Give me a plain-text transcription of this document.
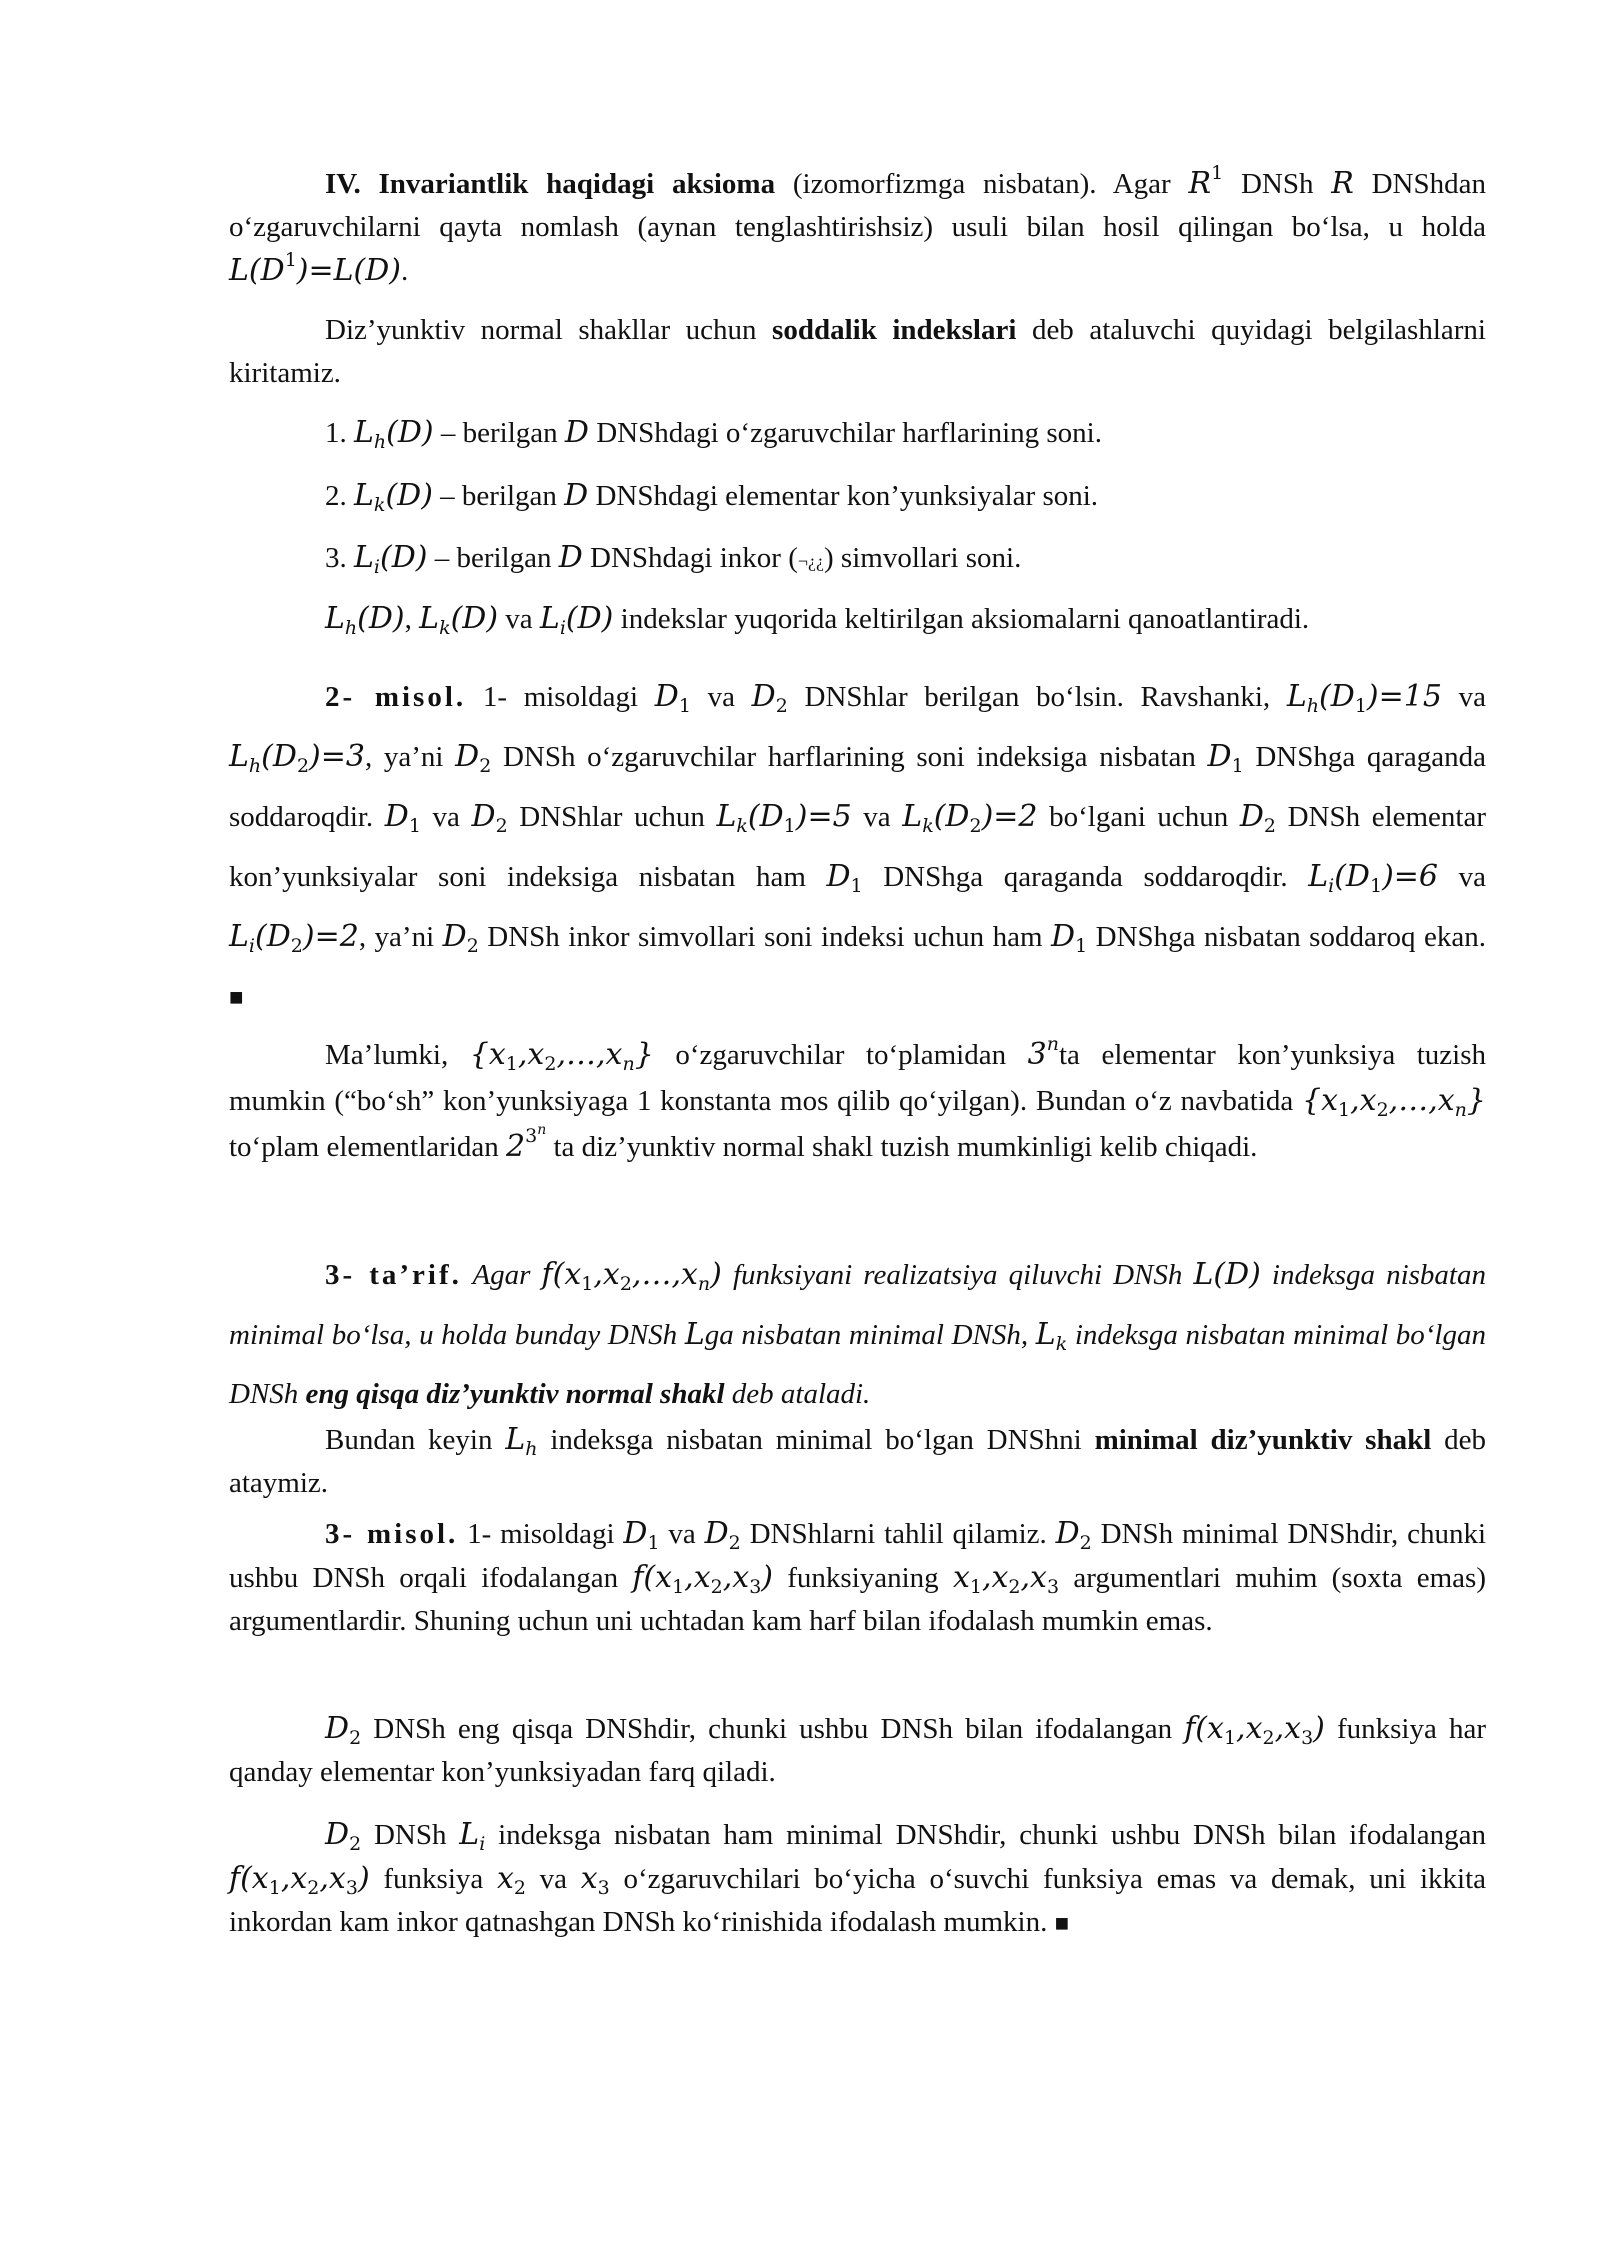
IV. Invariantlik haqidagi aksioma (izomorfizmga nisbatan). Agar $R^1$ DNSh R DNShdan o‘zgaruvchilarni qayta nomlash (aynan tenglashtirishsiz) usuli bilan hosil qilingan bo‘lsa, u holda $L(D^1)=L(D)$.
Diz’yunktiv normal shakllar uchun soddalik indekslari deb ataluvchi quyidagi belgilashlarni kiritamiz.
1. $L_h(D)$ – berilgan D DNShdagi o‘zgaruvchilar harflarining soni.
2. $L_k(D)$ – berilgan D DNShdagi elementar kon’yunksiyalar soni.
3. $L_i(D)$ – berilgan D DNShdagi inkor (¬¿¿) simvollari soni.
$L_h(D)$, $L_k(D)$ va $L_i(D)$ indekslar yuqorida keltirilgan aksiomalarni qanoatlantiradi.
2- misol. 1- misoldagi $D_1$ va $D_2$ DNShlar berilgan bo‘lsin. Ravshanki, $L_h(D_1)=15$ va $L_h(D_2)=3$, ya’ni $D_2$ DNSh o‘zgaruvchilar harflarining soni indeksiga nisbatan $D_1$ DNShga qaraganda soddaroqdir. $D_1$ va $D_2$ DNShlar uchun $L_k(D_1)=5$ va $L_k(D_2)=2$ bo‘lgani uchun $D_2$ DNSh elementar kon’yunksiyalar soni indeksiga nisbatan ham $D_1$ DNShga qaraganda soddaroqdir. $L_i(D_1)=6$ va $L_i(D_2)=2$, ya’ni $D_2$ DNSh inkor simvollari soni indeksi uchun ham $D_1$ DNShga nisbatan soddaroq ekan. ■
Ma’lumki, $\{x_1,x_2,\dots,x_n\}$ o‘zgaruvchilar to‘plamidan 3$^n$ta elementar kon’yunksiya tuzish mumkin (“bo‘sh” kon’yunksiyaga 1 konstanta mos qilib qo‘yilgan). Bundan o‘z navbatida $\{x_1,x_2,\dots,x_n\}$ to‘plam elementlaridan $2^{3^n}$ ta diz’yunktiv normal shakl tuzish mumkinligi kelib chiqadi.
3- ta’rif. Agar $f(x_1,x_2,\dots,x_n)$ funksiyani realizatsiya qiluvchi DNSh L(D) indeksga nisbatan minimal bo‘lsa, u holda bunday DNSh Lga nisbatan minimal DNSh, $L_k$ indeksga nisbatan minimal bo‘lgan DNSh eng qisqa diz’yunktiv normal shakl deb ataladi.
Bundan keyin $L_h$ indeksga nisbatan minimal bo‘lgan DNShni minimal diz’yunktiv shakl deb ataymiz.
3- misol. 1- misoldagi $D_1$ va $D_2$ DNShlarni tahlil qilamiz. $D_2$ DNSh minimal DNShdir, chunki ushbu DNSh orqali ifodalangan $f(x_1,x_2,x_3)$ funksiyaning $x_1,x_2,x_3$ argumentlari muhim (soxta emas) argumentlardir. Shuning uchun uni uchtadan kam harf bilan ifodalash mumkin emas.
$D_2$ DNSh eng qisqa DNShdir, chunki ushbu DNSh bilan ifodalangan $f(x_1,x_2,x_3)$ funksiya har qanday elementar kon’yunksiyadan farq qiladi.
$D_2$ DNSh $L_i$ indeksga nisbatan ham minimal DNShdir, chunki ushbu DNSh bilan ifodalangan $f(x_1,x_2,x_3)$ funksiya $x_2$ va $x_3$ o‘zgaruvchilari bo‘yicha o‘suvchi funksiya emas va demak, uni ikkita inkordan kam inkor qatnashgan DNSh ko‘rinishida ifodalash mumkin. ■
